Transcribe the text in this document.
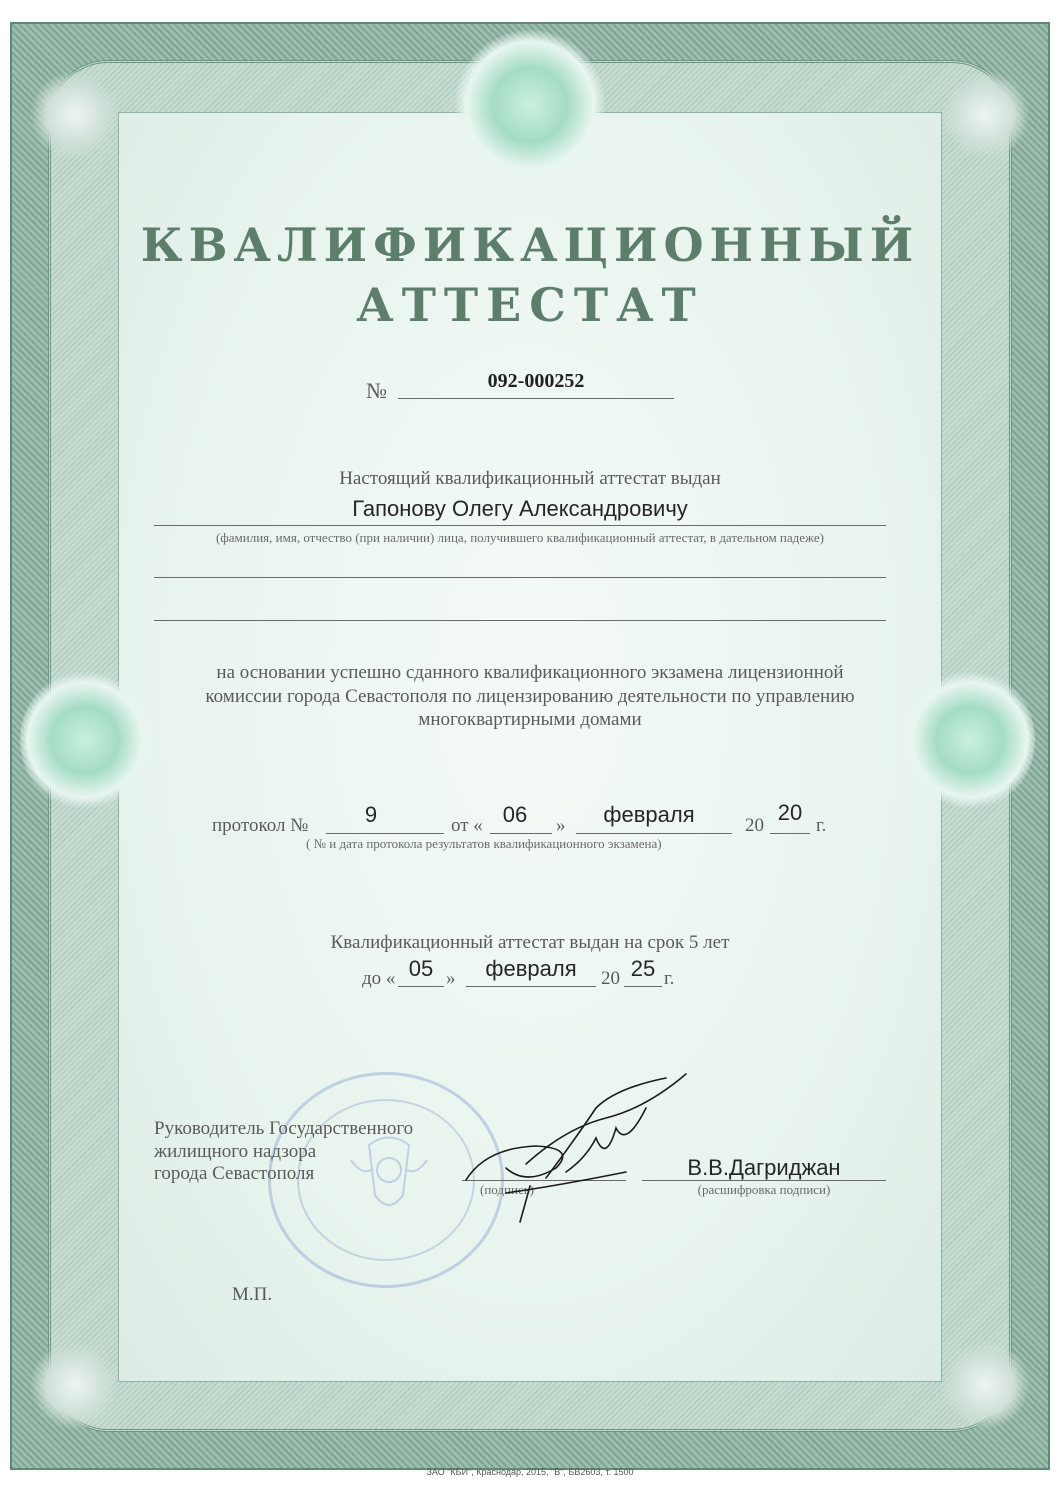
КВАЛИФИКАЦИОННЫЙ
АТТЕСТАТ
№	092-000252
Настоящий квалификационный аттестат выдан
Гапонову Олегу Александровичу
(фамилия, имя, отчество (при наличии) лица, получившего квалификационный аттестат, в дательном падеже)
на основании успешно сданного квалификационного экзамена лицензионной
комиссии города Севастополя по лицензированию деятельности по управлению
многоквартирными домами
протокол №	9	от « 06	»	февраля	20
20
г.
( № и дата протокола результатов квалификационного экзамена)
Квалификационный аттестат выдан на срок 5 лет
до « 05 »	февраля	20 25 г.
Руководитель Государственного
жилищного надзора
города Севастополя
(подпись)
В.В.Дагриджан
(расшифровка подписи)
М.П.
ЗАО "КБИ", Краснодар, 2015, "В", БВ2603, т. 1500
